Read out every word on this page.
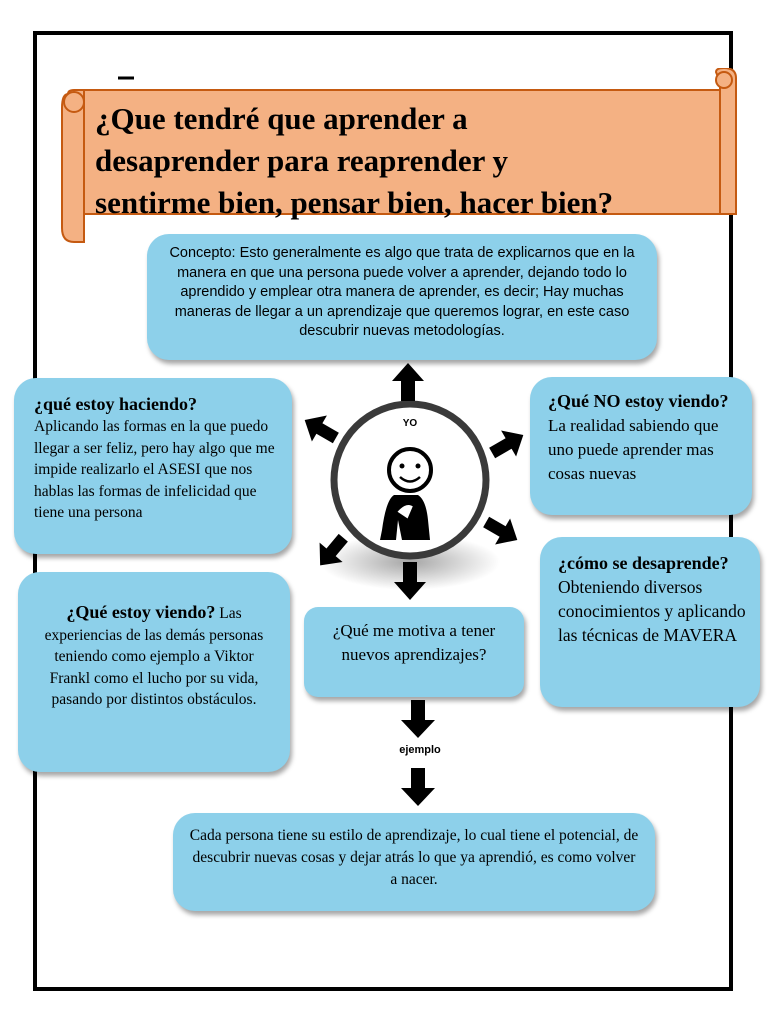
¿Que tendré que aprender a
desaprender para reaprender y
sentirme bien, pensar bien, hacer bien?
YO
Concepto: Esto generalmente es algo que trata de explicarnos que en la manera en que una persona puede volver a aprender, dejando todo lo aprendido y emplear otra manera de aprender, es decir; Hay muchas maneras de llegar a un aprendizaje que queremos lograr, en este caso descubrir nuevas metodologías.
¿qué estoy haciendo?
Aplicando las formas en la que puedo llegar a ser feliz, pero hay algo que me impide realizarlo el ASESI que nos hablas las formas de infelicidad que tiene una persona
¿Qué estoy viendo? Las experiencias de las demás personas teniendo como ejemplo a Viktor Frankl como el lucho por su vida, pasando por distintos obstáculos.
¿Qué NO estoy viendo? La realidad sabiendo que uno puede aprender mas cosas nuevas
¿cómo se desaprende?
Obteniendo diversos conocimientos y aplicando las técnicas de MAVERA
¿Qué me motiva a tener nuevos aprendizajes?
ejemplo
Cada persona tiene su estilo de aprendizaje, lo cual tiene el potencial, de descubrir nuevas cosas y dejar atrás lo que ya aprendió, es como volver a nacer.
